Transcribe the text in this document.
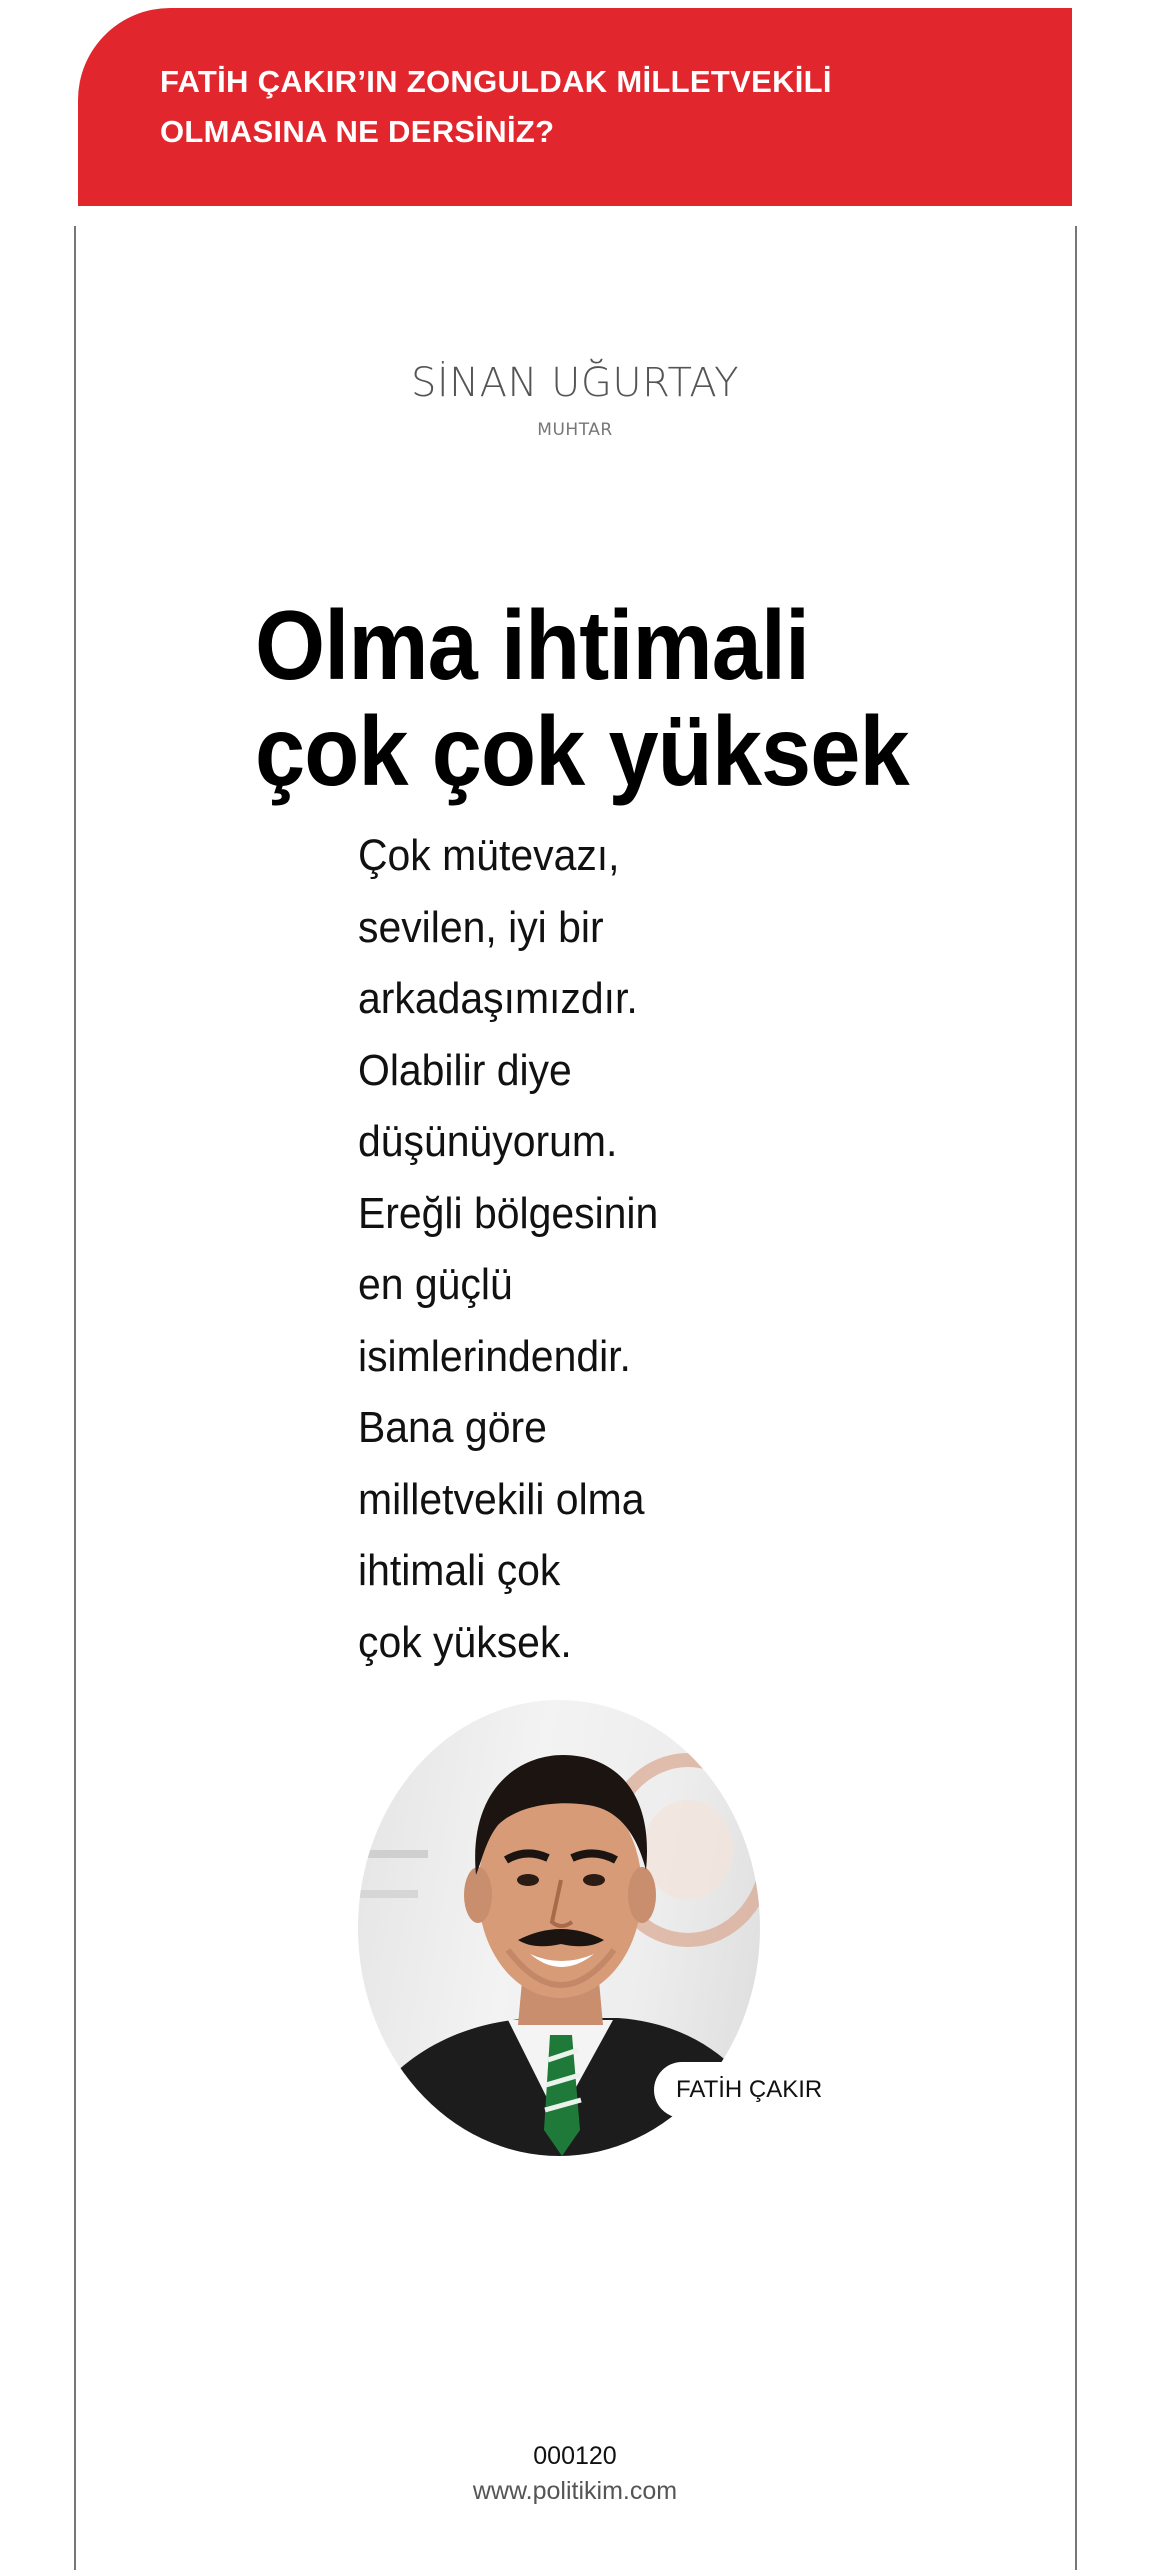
FATİH ÇAKIR’IN ZONGULDAK MİLLETVEKİLİ
OLMASINA NE DERSİNİZ?
SİNAN UĞURTAY
MUHTAR
Olma ihtimali
çok çok yüksek
Çok mütevazı,
sevilen, iyi bir
arkadaşımızdır.
Olabilir diye
düşünüyorum.
Ereğli bölgesinin
en güçlü
isimlerindendir.
Bana göre
milletvekili olma
ihtimali çok
çok yüksek.
FATİH ÇAKIR
000120
www.politikim.com
